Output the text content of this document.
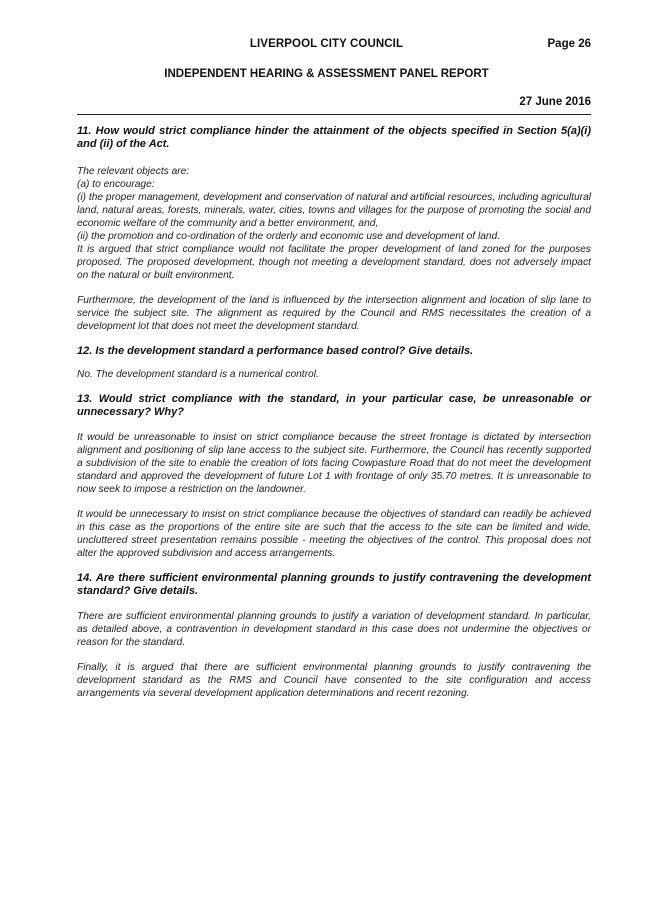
LIVERPOOL CITY COUNCIL	Page 26
INDEPENDENT HEARING & ASSESSMENT PANEL REPORT
27 June 2016
11. How would strict compliance hinder the attainment of the objects specified in Section 5(a)(i) and (ii) of the Act.
The relevant objects are:
(a) to encourage:
(i) the proper management, development and conservation of natural and artificial resources, including agricultural land, natural areas, forests, minerals, water, cities, towns and villages for the purpose of promoting the social and economic welfare of the community and a better environment, and,
(ii) the promotion and co-ordination of the orderly and economic use and development of land.
It is argued that strict compliance would not facilitate the proper development of land zoned for the purposes proposed. The proposed development, though not meeting a development standard, does not adversely impact on the natural or built environment.
Furthermore, the development of the land is influenced by the intersection alignment and location of slip lane to service the subject site. The alignment as required by the Council and RMS necessitates the creation of a development lot that does not meet the development standard.
12. Is the development standard a performance based control? Give details.
No. The development standard is a numerical control.
13. Would strict compliance with the standard, in your particular case, be unreasonable or unnecessary? Why?
It would be unreasonable to insist on strict compliance because the street frontage is dictated by intersection alignment and positioning of slip lane access to the subject site. Furthermore, the Council has recently supported a subdivision of the site to enable the creation of lots facing Cowpasture Road that do not meet the development standard and approved the development of future Lot 1 with frontage of only 35.70 metres. It is unreasonable to now seek to impose a restriction on the landowner.
It would be unnecessary to insist on strict compliance because the objectives of standard can readily be achieved in this case as the proportions of the entire site are such that the access to the site can be limited and wide, uncluttered street presentation remains possible - meeting the objectives of the control. This proposal does not alter the approved subdivision and access arrangements.
14. Are there sufficient environmental planning grounds to justify contravening the development standard? Give details.
There are sufficient environmental planning grounds to justify a variation of development standard. In particular, as detailed above, a contravention in development standard in this case does not undermine the objectives or reason for the standard.
Finally, it is argued that there are sufficient environmental planning grounds to justify contravening the development standard as the RMS and Council have consented to the site configuration and access arrangements via several development application determinations and recent rezoning.
